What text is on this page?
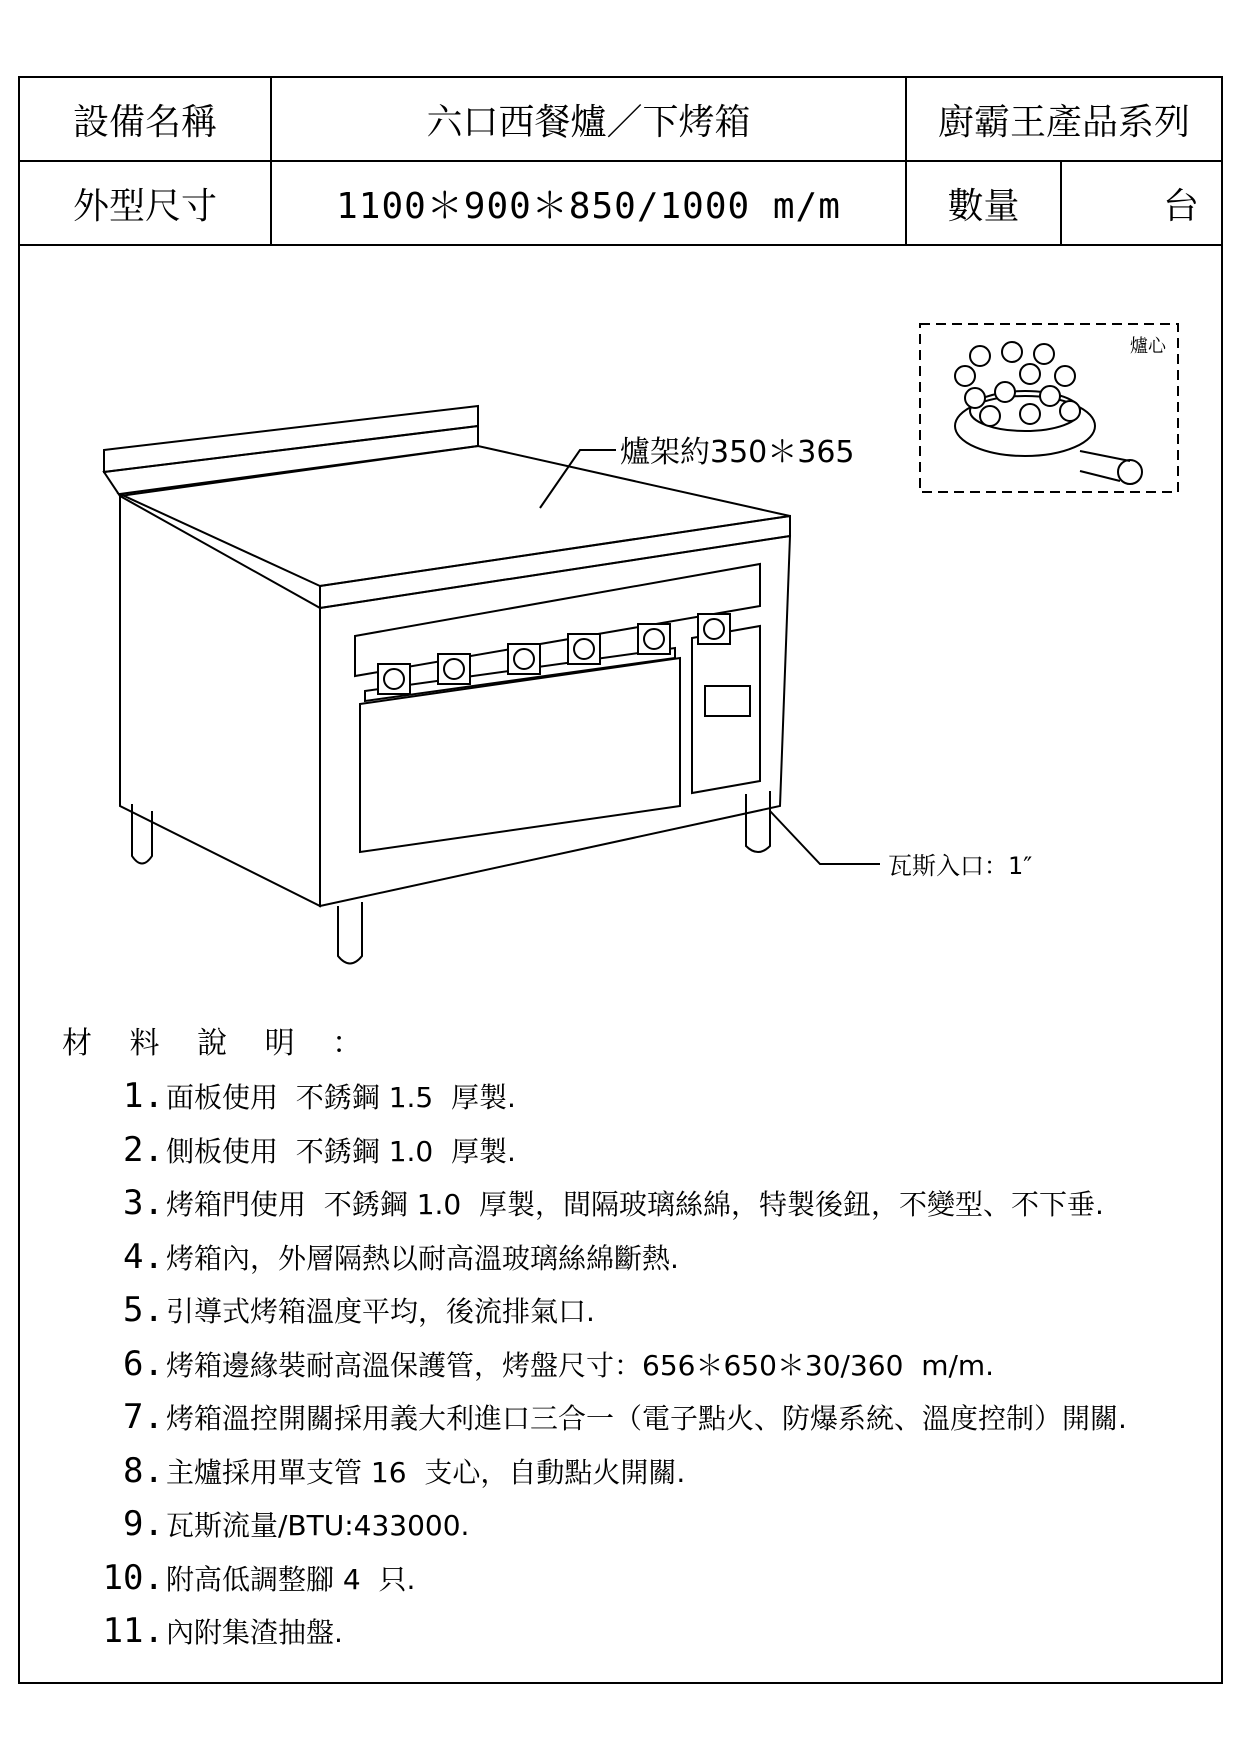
設備名稱	六口西餐爐／下烤箱	廚霸王產品系列
外型尺寸	1100＊900＊850/1000 m/m	數量	台
爐架約350＊365
瓦斯入口：1″
爐心
材 料 說 明 ：
1. 面板使用  不銹鋼 1.5  厚製.
2. 側板使用  不銹鋼 1.0  厚製.
3. 烤箱門使用  不銹鋼 1.0  厚製，間隔玻璃絲綿，特製後鈕，不變型、不下垂.
4. 烤箱內，外層隔熱以耐高溫玻璃絲綿斷熱.
5. 引導式烤箱溫度平均，後流排氣口.
6. 烤箱邊緣裝耐高溫保護管，烤盤尺寸：656＊650＊30/360  m/m.
7. 烤箱溫控開關採用義大利進口三合一（電子點火、防爆系統、溫度控制）開關.
8. 主爐採用單支管 16  支心，自動點火開關.
9. 瓦斯流量/BTU:433000.
10. 附高低調整腳 4  只.
11. 內附集渣抽盤.
